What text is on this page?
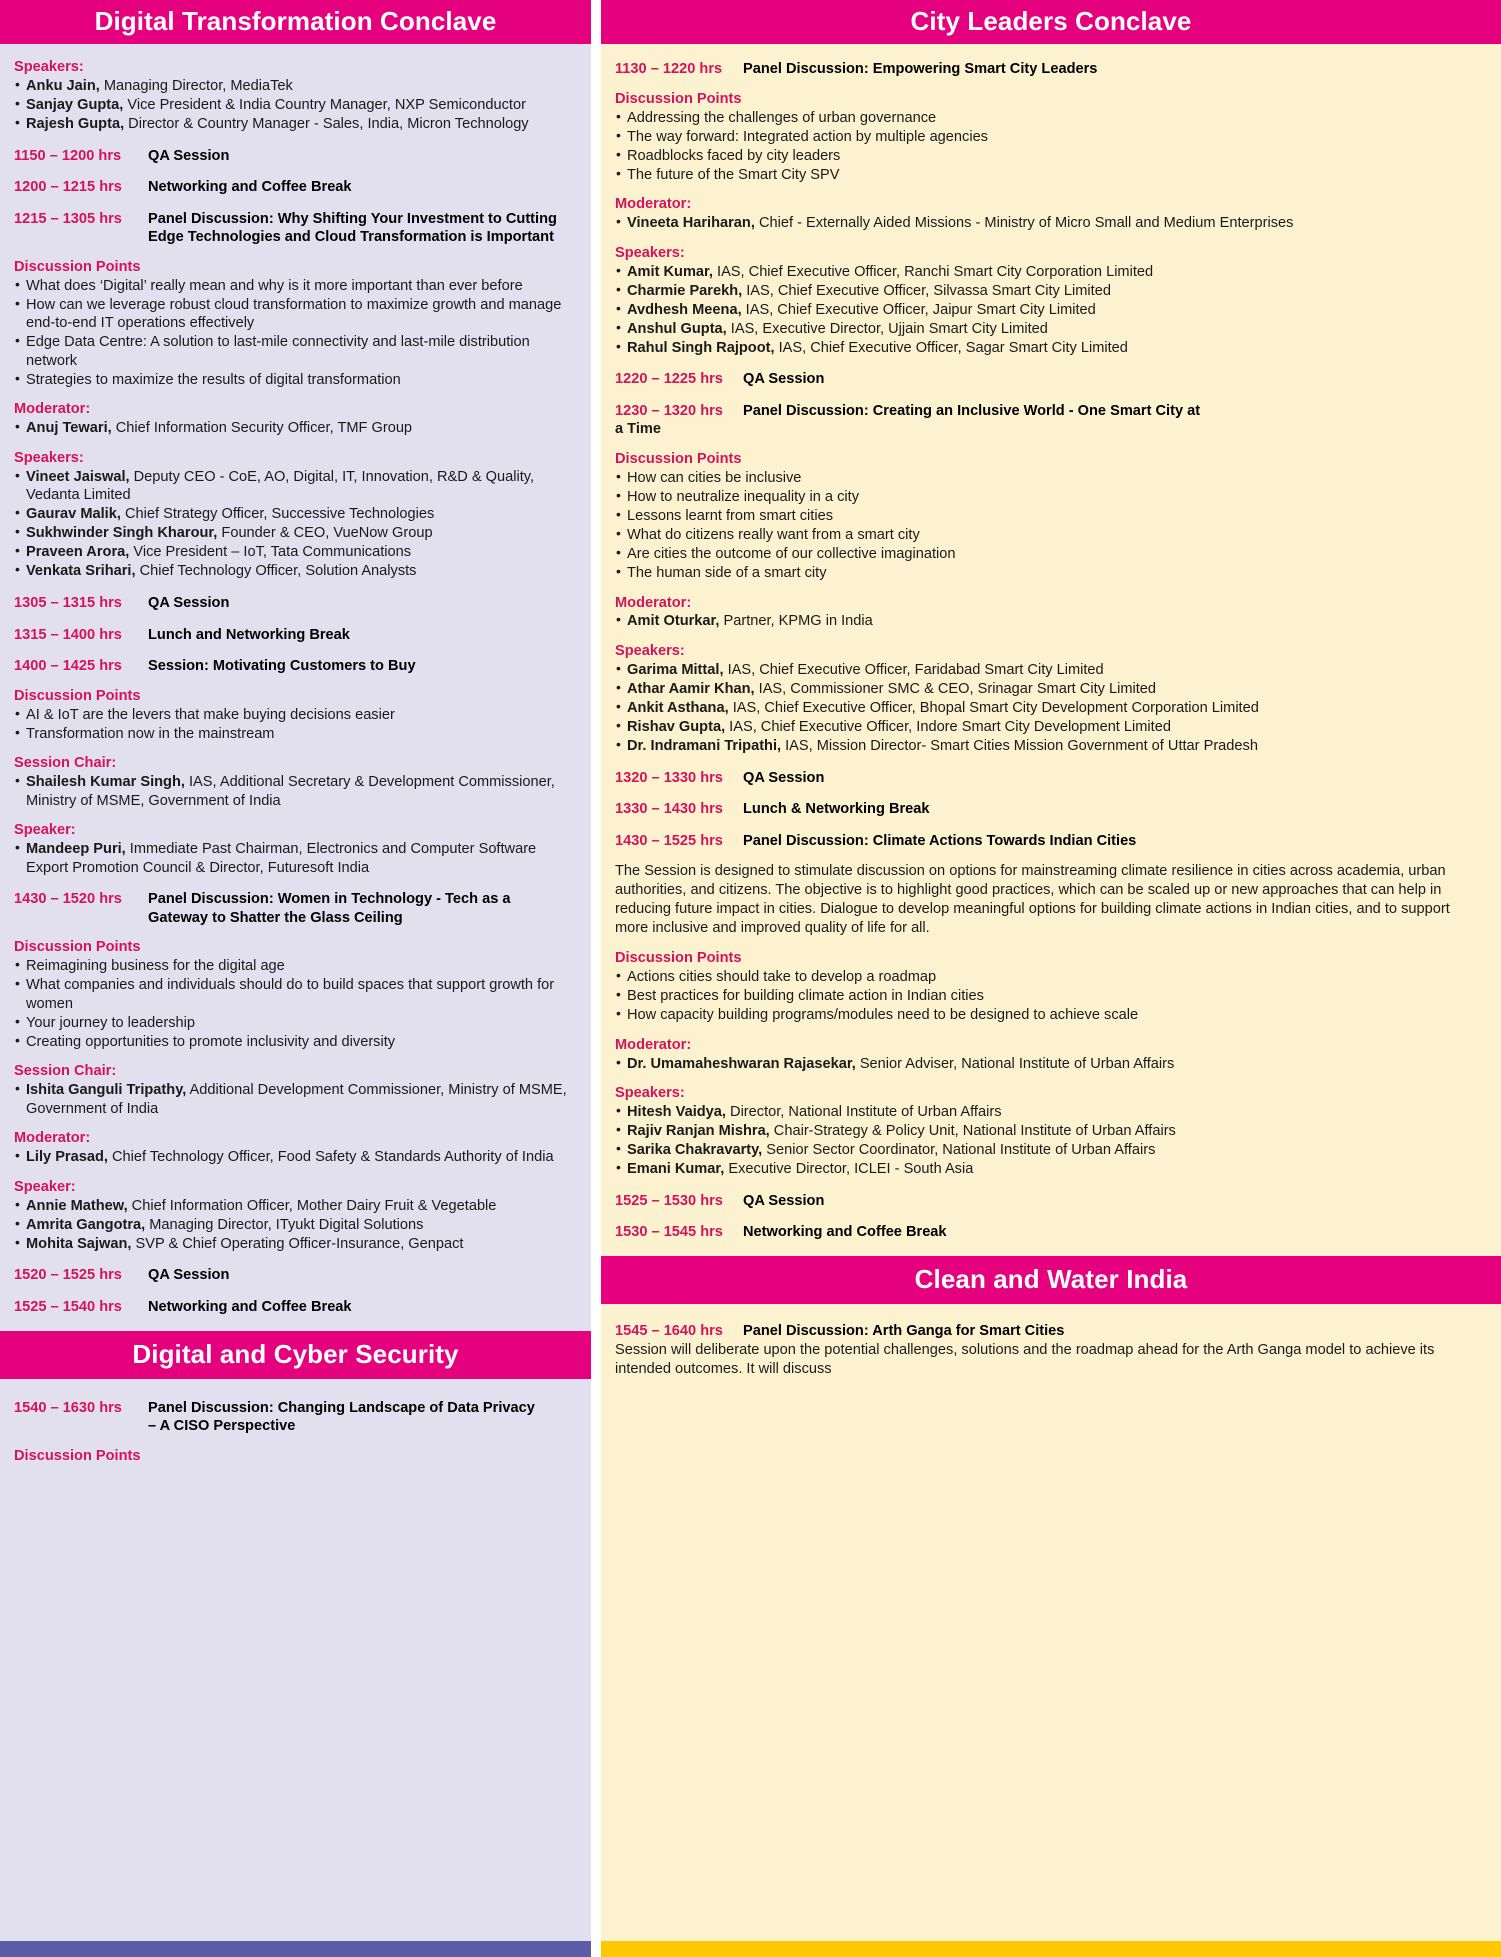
Digital Transformation Conclave
Speakers:
• Anku Jain, Managing Director, MediaTek
• Sanjay Gupta, Vice President & India Country Manager, NXP Semiconductor
• Rajesh Gupta, Director & Country Manager - Sales, India, Micron Technology
1150 – 1200 hrs	QA Session
1200 – 1215 hrs	Networking and Coffee Break
1215 – 1305 hrs	Panel Discussion: Why Shifting Your Investment to Cutting
Edge Technologies and Cloud Transformation is Important
Discussion Points
• What does ‘Digital’ really mean and why is it more important than ever before
• How can we leverage robust cloud transformation to maximize growth and manage end-to-end IT operations effectively
• Edge Data Centre: A solution to last-mile connectivity and last-mile distribution network
• Strategies to maximize the results of digital transformation
Moderator:
• Anuj Tewari, Chief Information Security Officer, TMF Group
Speakers:
• Vineet Jaiswal, Deputy CEO - CoE, AO, Digital, IT, Innovation, R&D & Quality, Vedanta Limited
• Gaurav Malik, Chief Strategy Officer, Successive Technologies
• Sukhwinder Singh Kharour, Founder & CEO, VueNow Group
• Praveen Arora, Vice President – IoT, Tata Communications
• Venkata Srihari, Chief Technology Officer, Solution Analysts
1305 – 1315 hrs	QA Session
1315 – 1400 hrs	Lunch and Networking Break
1400 – 1425 hrs	Session: Motivating Customers to Buy
Discussion Points
• AI & IoT are the levers that make buying decisions easier
• Transformation now in the mainstream
Session Chair:
• Shailesh Kumar Singh, IAS, Additional Secretary & Development Commissioner, Ministry of MSME, Government of India
Speaker:
• Mandeep Puri, Immediate Past Chairman, Electronics and Computer Software Export Promotion Council & Director, Futuresoft India
1430 – 1520 hrs	Panel Discussion: Women in Technology - Tech as a
Gateway to Shatter the Glass Ceiling
Discussion Points
• Reimagining business for the digital age
• What companies and individuals should do to build spaces that support growth for women
• Your journey to leadership
• Creating opportunities to promote inclusivity and diversity
Session Chair:
• Ishita Ganguli Tripathy, Additional Development Commissioner, Ministry of MSME, Government of India
Moderator:
• Lily Prasad, Chief Technology Officer, Food Safety & Standards Authority of India
Speaker:
• Annie Mathew, Chief Information Officer, Mother Dairy Fruit & Vegetable
• Amrita Gangotra, Managing Director, ITyukt Digital Solutions
• Mohita Sajwan, SVP & Chief Operating Officer-Insurance, Genpact
1520 – 1525 hrs	QA Session
1525 – 1540 hrs	Networking and Coffee Break
Digital and Cyber Security
1540 – 1630 hrs	Panel Discussion: Changing Landscape of Data Privacy
– A CISO Perspective
Discussion Points
City Leaders Conclave
1130 – 1220 hrs	Panel Discussion: Empowering Smart City Leaders
Discussion Points
• Addressing the challenges of urban governance
• The way forward: Integrated action by multiple agencies
• Roadblocks faced by city leaders
• The future of the Smart City SPV
Moderator:
• Vineeta Hariharan, Chief - Externally Aided Missions - Ministry of Micro Small and Medium Enterprises
Speakers:
• Amit Kumar, IAS, Chief Executive Officer, Ranchi Smart City Corporation Limited
• Charmie Parekh, IAS, Chief Executive Officer, Silvassa Smart City Limited
• Avdhesh Meena, IAS, Chief Executive Officer, Jaipur Smart City Limited
• Anshul Gupta, IAS, Executive Director, Ujjain Smart City Limited
• Rahul Singh Rajpoot, IAS, Chief Executive Officer, Sagar Smart City Limited
1220 – 1225 hrs	QA Session
1230 – 1320 hrs	Panel Discussion: Creating an Inclusive World - One Smart City at
a Time
Discussion Points
• How can cities be inclusive
• How to neutralize inequality in a city
• Lessons learnt from smart cities
• What do citizens really want from a smart city
• Are cities the outcome of our collective imagination
• The human side of a smart city
Moderator:
• Amit Oturkar, Partner, KPMG in India
Speakers:
• Garima Mittal, IAS, Chief Executive Officer, Faridabad Smart City Limited
• Athar Aamir Khan, IAS, Commissioner SMC & CEO, Srinagar Smart City Limited
• Ankit Asthana, IAS, Chief Executive Officer, Bhopal Smart City Development Corporation Limited
• Rishav Gupta, IAS, Chief Executive Officer, Indore Smart City Development Limited
• Dr. Indramani Tripathi, IAS, Mission Director- Smart Cities Mission Government of Uttar Pradesh
1320 – 1330 hrs	QA Session
1330 – 1430 hrs	Lunch & Networking Break
1430 – 1525 hrs	Panel Discussion: Climate Actions Towards Indian Cities
The Session is designed to stimulate discussion on options for mainstreaming climate resilience in cities across academia, urban authorities, and citizens. The objective is to highlight good practices, which can be scaled up or new approaches that can help in reducing future impact in cities. Dialogue to develop meaningful options for building climate actions in Indian cities, and to support more inclusive and improved quality of life for all.
Discussion Points
• Actions cities should take to develop a roadmap
• Best practices for building climate action in Indian cities
• How capacity building programs/modules need to be designed to achieve scale
Moderator:
• Dr. Umamaheshwaran Rajasekar, Senior Adviser, National Institute of Urban Affairs
Speakers:
• Hitesh Vaidya, Director, National Institute of Urban Affairs
• Rajiv Ranjan Mishra, Chair-Strategy & Policy Unit, National Institute of Urban Affairs
• Sarika Chakravarty, Senior Sector Coordinator, National Institute of Urban Affairs
• Emani Kumar, Executive Director, ICLEI - South Asia
1525 – 1530 hrs	QA Session
1530 – 1545 hrs	Networking and Coffee Break
Clean and Water India
1545 – 1640 hrs	Panel Discussion: Arth Ganga for Smart Cities
Session will deliberate upon the potential challenges, solutions and the roadmap ahead for the Arth Ganga model to achieve its intended outcomes. It will discuss
